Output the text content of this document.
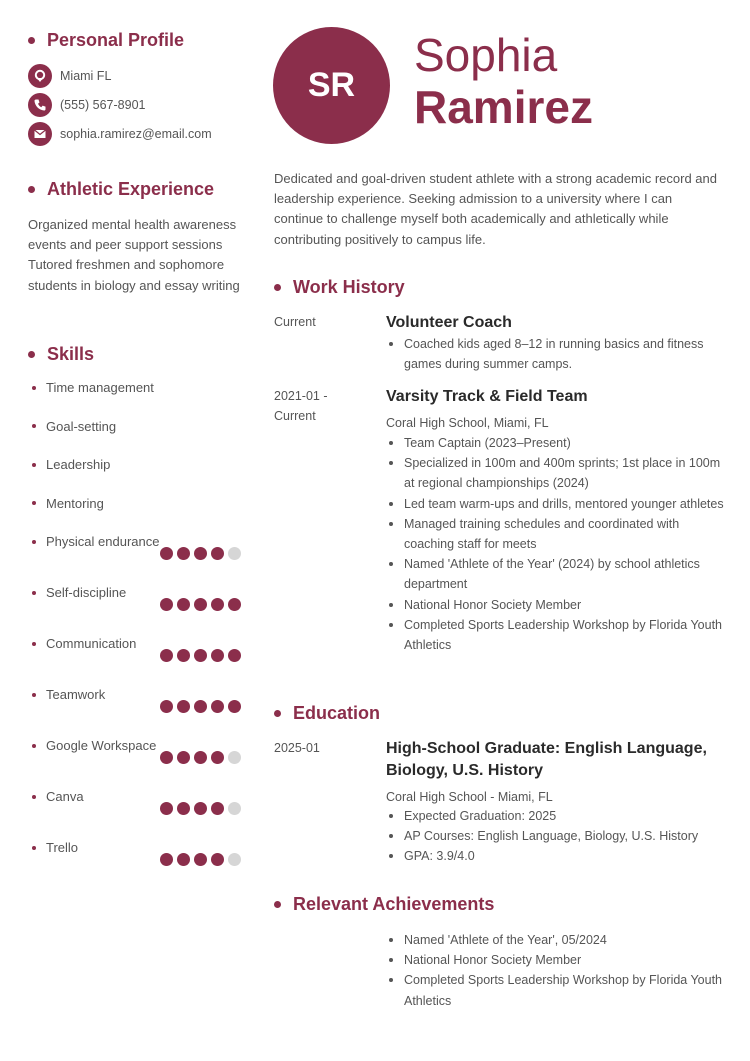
Personal Profile
Miami FL
(555) 567-8901
sophia.ramirez@email.com
Athletic Experience
Organized mental health awareness events and peer support sessions Tutored freshmen and sophomore students in biology and essay writing
Skills
Time management
Goal-setting
Leadership
Mentoring
Physical endurance
Self-discipline
Communication
Teamwork
Google Workspace
Canva
Trello
SR
Sophia
Ramirez
Dedicated and goal-driven student athlete with a strong academic record and leadership experience. Seeking admission to a university where I can continue to challenge myself both academically and athletically while contributing positively to campus life.
Work History
Current	Volunteer Coach
Coached kids aged 8–12 in running basics and fitness games during summer camps.
2021-01 -
Current
Varsity Track & Field Team
Coral High School, Miami, FL
Team Captain (2023–Present)
Specialized in 100m and 400m sprints; 1st place in 100m at regional championships (2024)
Led team warm-ups and drills, mentored younger athletes
Managed training schedules and coordinated with coaching staff for meets
Named 'Athlete of the Year' (2024) by school athletics department
National Honor Society Member
Completed Sports Leadership Workshop by Florida Youth Athletics
Education
2025-01	High-School Graduate: English Language,
Biology, U.S. History
Coral High School - Miami, FL
Expected Graduation: 2025
AP Courses: English Language, Biology, U.S. History
GPA: 3.9/4.0
Relevant Achievements
Named 'Athlete of the Year', 05/2024
National Honor Society Member
Completed Sports Leadership Workshop by Florida Youth Athletics
